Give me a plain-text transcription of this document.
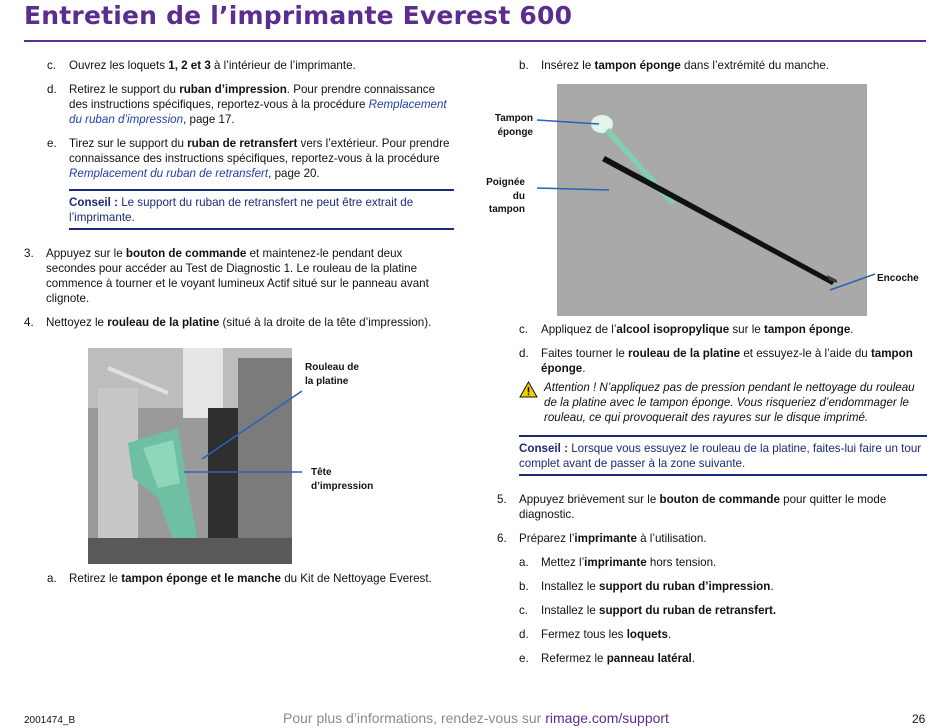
Entretien de l’imprimante Everest 600
c. Ouvrez les loquets 1, 2 et 3 à l’intérieur de l’imprimante.
d. Retirez le support du ruban d’impression. Pour prendre connaissance des instructions spécifiques, reportez-vous à la procédure Remplacement du ruban d’impression, page 17.
e. Tirez sur le support du ruban de retransfert vers l’extérieur. Pour prendre connaissance des instructions spécifiques, reportez-vous à la procédure Remplacement du ruban de retransfert, page 20.
Conseil : Le support du ruban de retransfert ne peut être extrait de l’imprimante.
3. Appuyez sur le bouton de commande et maintenez-le pendant deux secondes pour accéder au Test de Diagnostic 1. Le rouleau de la platine commence à tourner et le voyant lumineux Actif situé sur le panneau avant clignote.
4. Nettoyez le rouleau de la platine (situé à la droite de la tête d’impression).
Rouleau de la platine
Tête d’impression
a. Retirez le tampon éponge et le manche du Kit de Nettoyage Everest.
b. Insérez le tampon éponge dans l’extrémité du manche.
Tampon éponge
Poignée du tampon
Encoche
c. Appliquez de l’alcool isopropylique sur le tampon éponge.
d. Faites tourner le rouleau de la platine et essuyez-le à l’aide du tampon éponge.
Attention ! N’appliquez pas de pression pendant le nettoyage du rouleau de la platine avec le tampon éponge. Vous risqueriez d’endommager le rouleau, ce qui provoquerait des rayures sur le disque imprimé.
Conseil : Lorsque vous essuyez le rouleau de la platine, faites-lui faire un tour complet avant de passer à la zone suivante.
5. Appuyez brièvement sur le bouton de commande pour quitter le mode diagnostic.
6. Préparez l’imprimante à l’utilisation.
a. Mettez l’imprimante hors tension.
b. Installez le support du ruban d’impression.
c. Installez le support du ruban de retransfert.
d. Fermez tous les loquets.
e. Refermez le panneau latéral.
2001474_B	Pour plus d’informations, rendez-vous sur rimage.com/support	26
